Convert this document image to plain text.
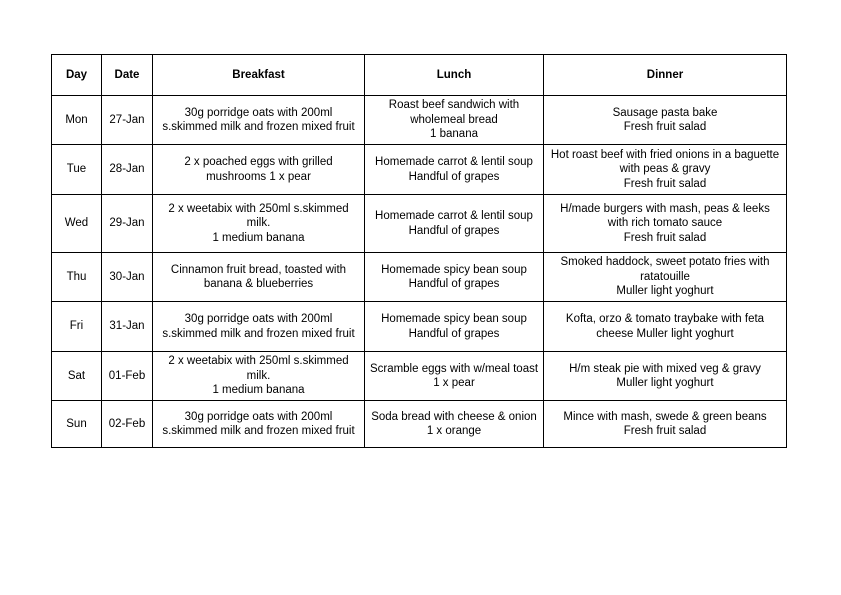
Day	Date	Breakfast	Lunch	Dinner
Mon	27-Jan	30g porridge oats with 200ml
s.skimmed milk and frozen mixed fruit	Roast beef sandwich with
wholemeal bread
1 banana	Sausage pasta bake
Fresh fruit salad
Tue	28-Jan	2 x poached eggs with grilled
mushrooms 1 x pear	Homemade carrot & lentil soup
Handful of grapes	Hot roast beef with fried onions in a baguette
with peas & gravy
Fresh fruit salad
Wed	29-Jan	2 x weetabix with 250ml s.skimmed
milk.
1 medium banana	Homemade carrot & lentil soup
Handful of grapes	H/made burgers with mash, peas & leeks
with rich tomato sauce
Fresh fruit salad
Thu	30-Jan	Cinnamon fruit bread, toasted with
banana & blueberries	Homemade spicy bean soup
Handful of grapes	Smoked haddock, sweet potato fries with
ratatouille
Muller light yoghurt
Fri	31-Jan	30g porridge oats with 200ml
s.skimmed milk and frozen mixed fruit	Homemade spicy bean soup
Handful of grapes	Kofta, orzo & tomato traybake with feta
cheese Muller light yoghurt
Sat	01-Feb	2 x weetabix with 250ml s.skimmed
milk.
1 medium banana	Scramble eggs with w/meal toast
1 x pear	H/m steak pie with mixed veg & gravy
Muller light yoghurt
Sun	02-Feb	30g porridge oats with 200ml
s.skimmed milk and frozen mixed fruit	Soda bread with cheese & onion
1 x orange	Mince with mash, swede & green beans
Fresh fruit salad
